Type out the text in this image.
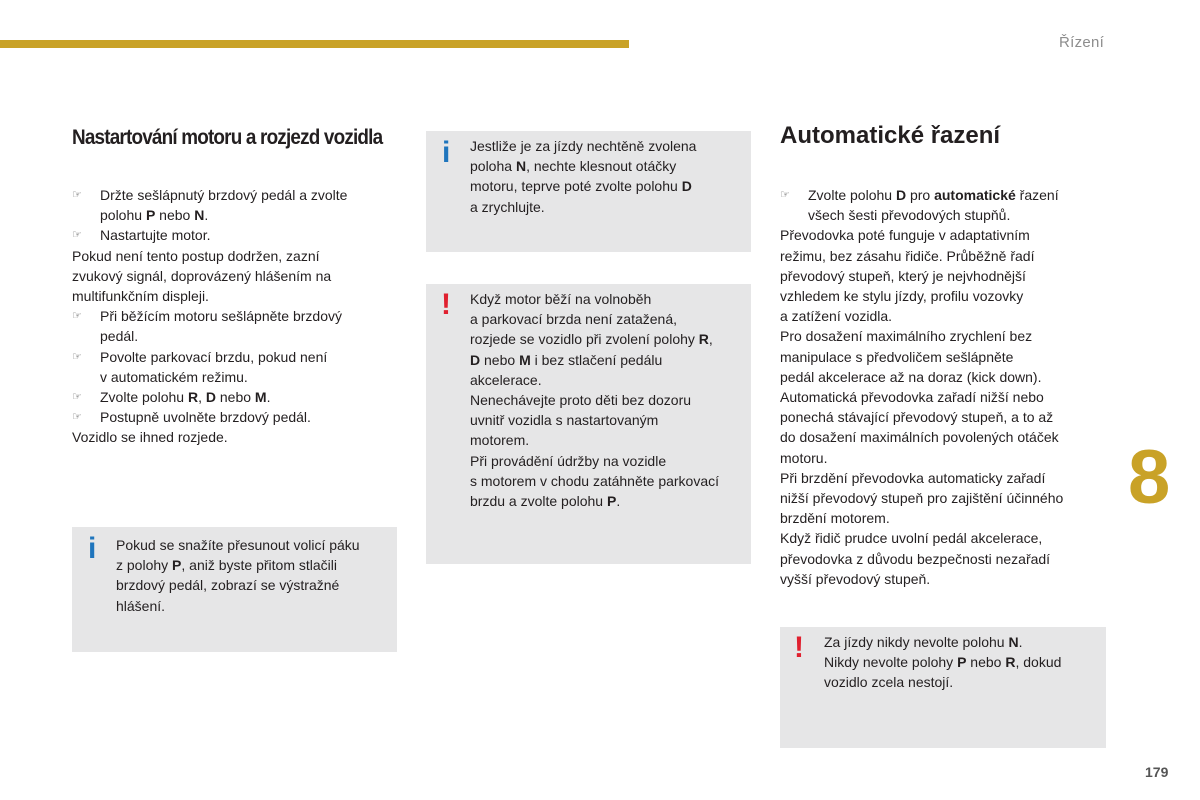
Řízení
Nastartování motoru a rozjezd vozidla
☞ Držte sešlápnutý brzdový pedál a zvolte
polohu P nebo N.
☞ Nastartujte motor.
Pokud není tento postup dodržen, zazní
zvukový signál, doprovázený hlášením na
multifunkčním displeji.
☞ Při běžícím motoru sešlápněte brzdový
pedál.
☞ Povolte parkovací brzdu, pokud není
v automatickém režimu.
☞ Zvolte polohu R, D nebo M.
☞ Postupně uvolněte brzdový pedál.
Vozidlo se ihned rozjede.
i Pokud se snažíte přesunout volicí páku
z polohy P, aniž byste přitom stlačili
brzdový pedál, zobrazí se výstražné
hlášení.
i Jestliže je za jízdy nechtěně zvolena
poloha N, nechte klesnout otáčky
motoru, teprve poté zvolte polohu D
a zrychlujte.
! Když motor běží na volnoběh
a parkovací brzda není zatažená,
rozjede se vozidlo při zvolení polohy R,
D nebo M i bez stlačení pedálu
akcelerace.
Nenechávejte proto děti bez dozoru
uvnitř vozidla s nastartovaným
motorem.
Při provádění údržby na vozidle
s motorem v chodu zatáhněte parkovací
brzdu a zvolte polohu P.
Automatické řazení
☞ Zvolte polohu D pro automatické řazení
všech šesti převodových stupňů.
Převodovka poté funguje v adaptativním
režimu, bez zásahu řidiče. Průběžně řadí
převodový stupeň, který je nejvhodnější
vzhledem ke stylu jízdy, profilu vozovky
a zatížení vozidla.
Pro dosažení maximálního zrychlení bez
manipulace s předvoličem sešlápněte
pedál akcelerace až na doraz (kick down).
Automatická převodovka zařadí nižší nebo
ponechá stávající převodový stupeň, a to až
do dosažení maximálních povolených otáček
motoru.
Při brzdění převodovka automaticky zařadí
nižší převodový stupeň pro zajištění účinného
brzdění motorem.
Když řidič prudce uvolní pedál akcelerace,
převodovka z důvodu bezpečnosti nezařadí
vyšší převodový stupeň.
! Za jízdy nikdy nevolte polohu N.
Nikdy nevolte polohy P nebo R, dokud
vozidlo zcela nestojí.
8
179
